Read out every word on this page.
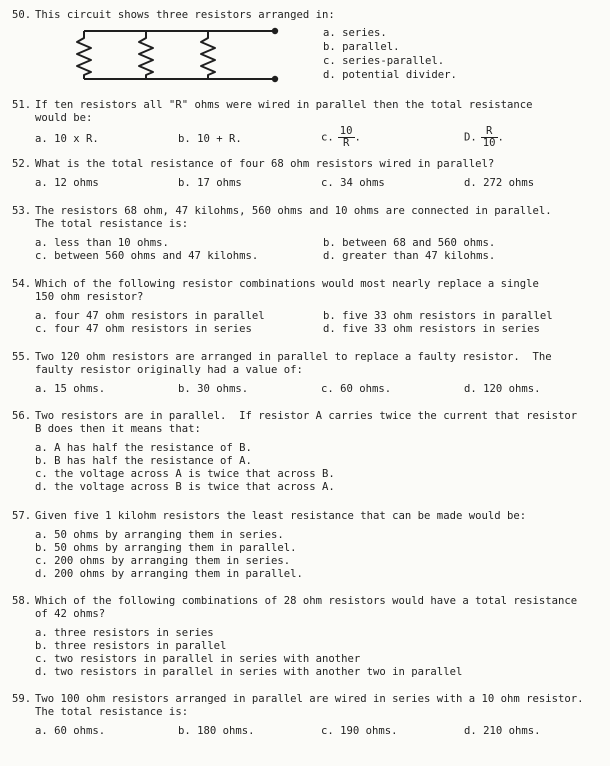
50. This circuit shows three resistors arranged in:
a. series.
b. parallel.
c. series-parallel.
d. potential divider.
51. If ten resistors all "R" ohms were wired in parallel then the total resistance
would be:
a. 10 x R.	b. 10 + R.	c. $\frac{10}{R}$ .	D. $\frac{R}{10}$ .
52. What is the total resistance of four 68 ohm resistors wired in parallel?
a. 12 ohms	b. 17 ohms	c. 34 ohms	d. 272 ohms
53. The resistors 68 ohm, 47 kilohms, 560 ohms and 10 ohms are connected in parallel.
The total resistance is:
a. less than 10 ohms.	b. between 68 and 560 ohms.
c. between 560 ohms and 47 kilohms.	d. greater than 47 kilohms.
54. Which of the following resistor combinations would most nearly replace a single
150 ohm resistor?
a. four 47 ohm resistors in parallel	b. five 33 ohm resistors in parallel
c. four 47 ohm resistors in series	d. five 33 ohm resistors in series
55. Two 120 ohm resistors are arranged in parallel to replace a faulty resistor.  The
faulty resistor originally had a value of:
a. 15 ohms.	b. 30 ohms.	c. 60 ohms.	d. 120 ohms.
56. Two resistors are in parallel.  If resistor A carries twice the current that resistor
B does then it means that:
a. A has half the resistance of B.
b. B has half the resistance of A.
c. the voltage across A is twice that across B.
d. the voltage across B is twice that across A.
57. Given five 1 kilohm resistors the least resistance that can be made would be:
a. 50 ohms by arranging them in series.
b. 50 ohms by arranging them in parallel.
c. 200 ohms by arranging them in series.
d. 200 ohms by arranging them in parallel.
58. Which of the following combinations of 28 ohm resistors would have a total resistance
of 42 ohms?
a. three resistors in series
b. three resistors in parallel
c. two resistors in parallel in series with another
d. two resistors in parallel in series with another two in parallel
59. Two 100 ohm resistors arranged in parallel are wired in series with a 10 ohm resistor.
The total resistance is:
a. 60 ohms.	b. 180 ohms.	c. 190 ohms.	d. 210 ohms.
